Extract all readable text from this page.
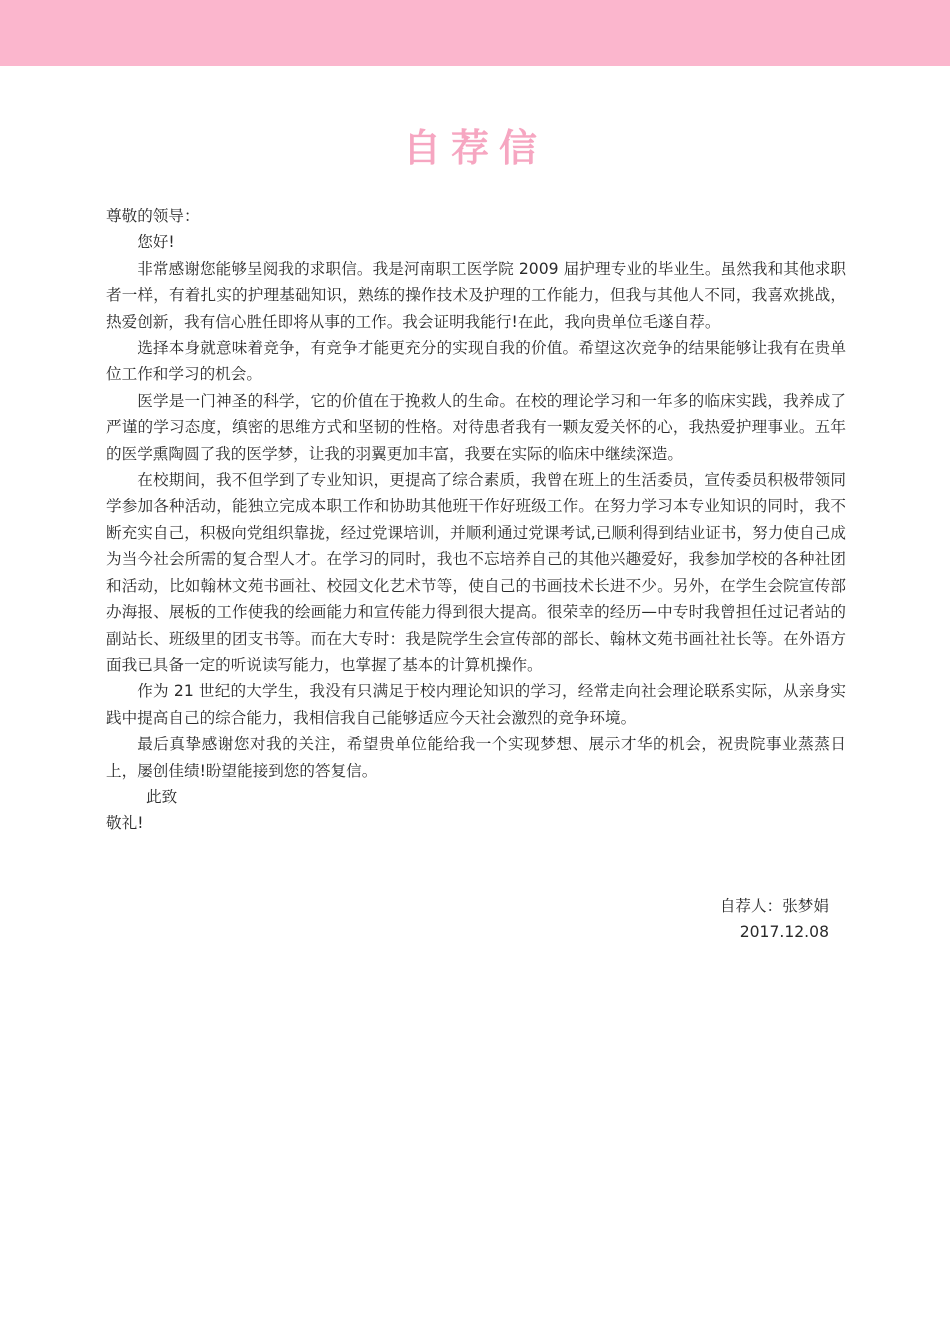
自荐信

尊敬的领导：

您好!

非常感谢您能够呈阅我的求职信。我是河南职工医学院 2009 届护理专业的毕业生。虽然我和其他求职者一样，有着扎实的护理基础知识，熟练的操作技术及护理的工作能力，但我与其他人不同，我喜欢挑战，热爱创新，我有信心胜任即将从事的工作。我会证明我能行!在此，我向贵单位毛遂自荐。

选择本身就意味着竞争，有竞争才能更充分的实现自我的价值。希望这次竞争的结果能够让我有在贵单位工作和学习的机会。

医学是一门神圣的科学，它的价值在于挽救人的生命。在校的理论学习和一年多的临床实践，我养成了严谨的学习态度，缜密的思维方式和坚韧的性格。对待患者我有一颗友爱关怀的心，我热爱护理事业。五年的医学熏陶圆了我的医学梦，让我的羽翼更加丰富，我要在实际的临床中继续深造。

在校期间，我不但学到了专业知识，更提高了综合素质，我曾在班上的生活委员，宣传委员积极带领同学参加各种活动，能独立完成本职工作和协助其他班干作好班级工作。在努力学习本专业知识的同时，我不断充实自己，积极向党组织靠拢，经过党课培训，并顺利通过党课考试,已顺利得到结业证书，努力使自己成为当今社会所需的复合型人才。在学习的同时，我也不忘培养自己的其他兴趣爱好，我参加学校的各种社团和活动，比如翰林文苑书画社、校园文化艺术节等，使自己的书画技术长进不少。另外，在学生会院宣传部办海报、展板的工作使我的绘画能力和宣传能力得到很大提高。很荣幸的经历—中专时我曾担任过记者站的副站长、班级里的团支书等。而在大专时：我是院学生会宣传部的部长、翰林文苑书画社社长等。在外语方面我已具备一定的听说读写能力，也掌握了基本的计算机操作。

作为 21 世纪的大学生，我没有只满足于校内理论知识的学习，经常走向社会理论联系实际，从亲身实践中提高自己的综合能力，我相信我自己能够适应今天社会激烈的竞争环境。

最后真挚感谢您对我的关注，希望贵单位能给我一个实现梦想、展示才华的机会，祝贵院事业蒸蒸日上，屡创佳绩!盼望能接到您的答复信。

此致

敬礼!

自荐人：张梦娟
2017.12.08
